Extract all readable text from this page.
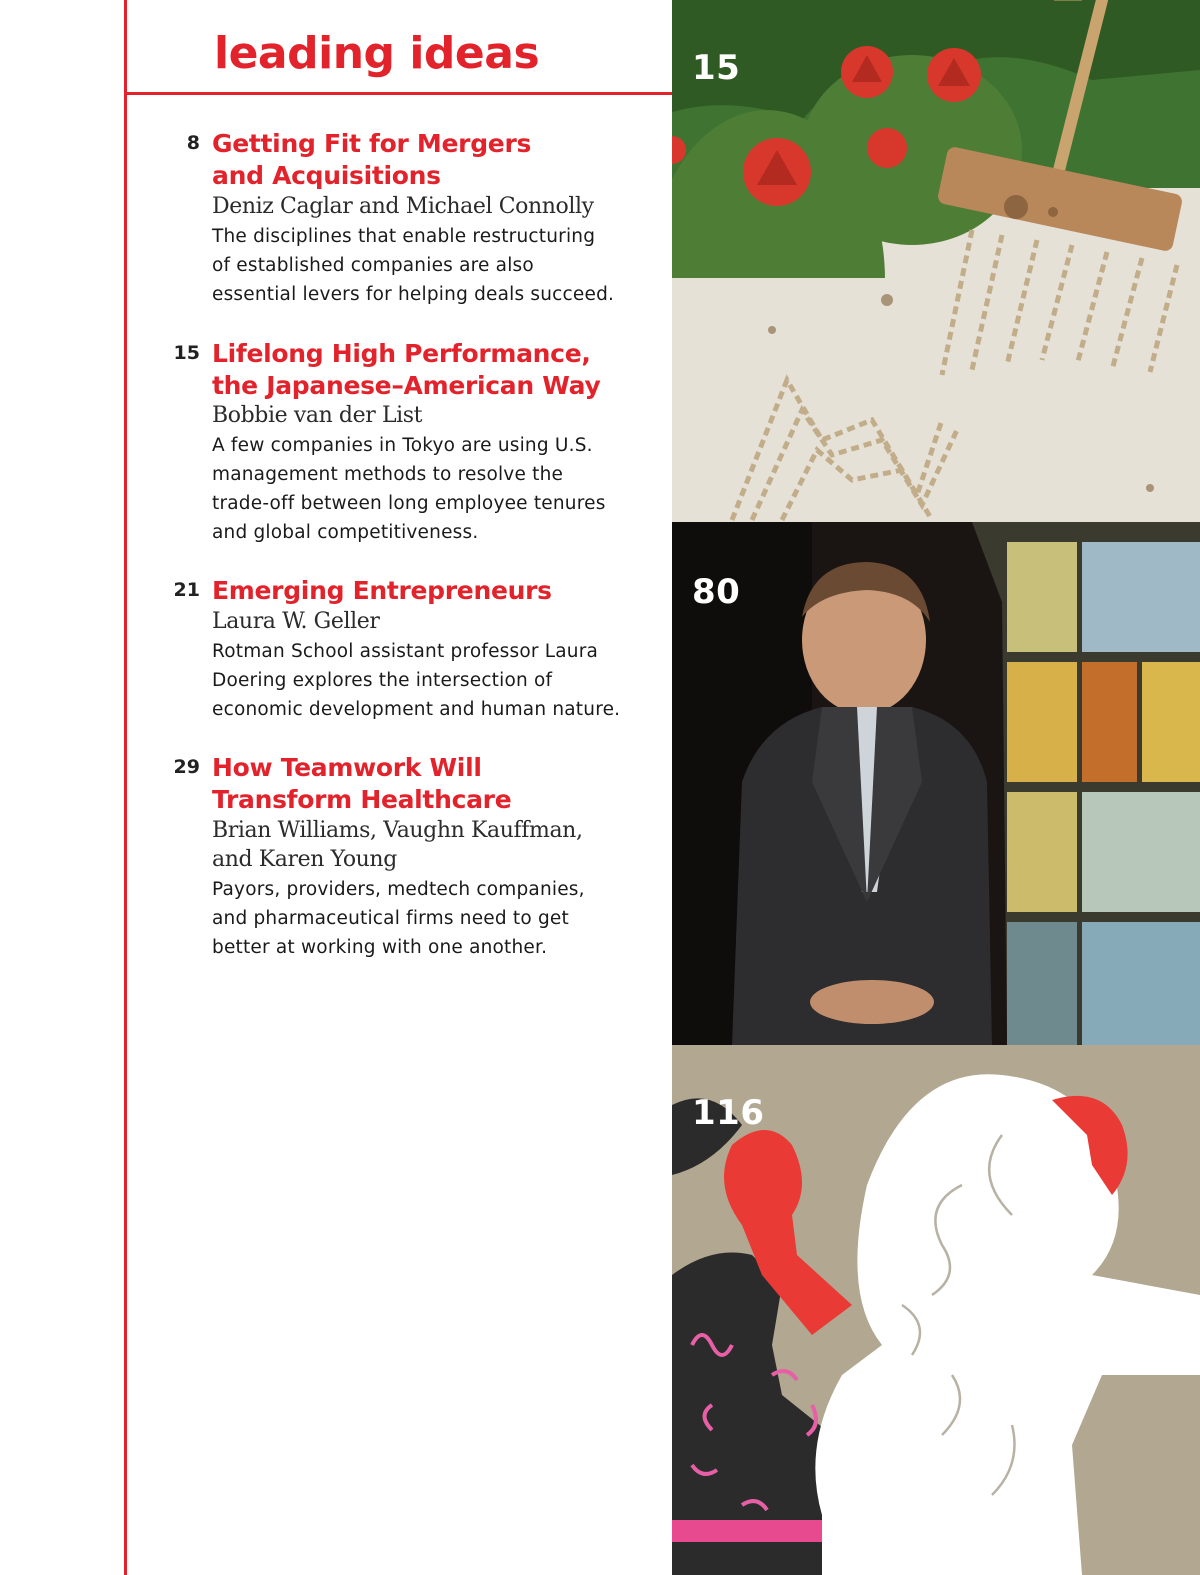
leading ideas
8 Getting Fit for Mergers
and Acquisitions

Deniz Caglar and Michael Connolly

The disciplines that enable restructuring
of established companies are also
essential levers for helping deals succeed.

15 Lifelong High Performance,
the Japanese–American Way

Bobbie van der List

A few companies in Tokyo are using U.S.
management methods to resolve the
trade-off between long employee tenures
and global competitiveness.

21 Emerging Entrepreneurs

Laura W. Geller

Rotman School assistant professor Laura
Doering explores the intersection of
economic development and human nature.

29 How Teamwork Will
Transform Healthcare

Brian Williams, Vaughn Kauffman,
and Karen Young

Payors, providers, medtech companies,
and pharmaceutical firms need to get
better at working with one another.

15
80
116
